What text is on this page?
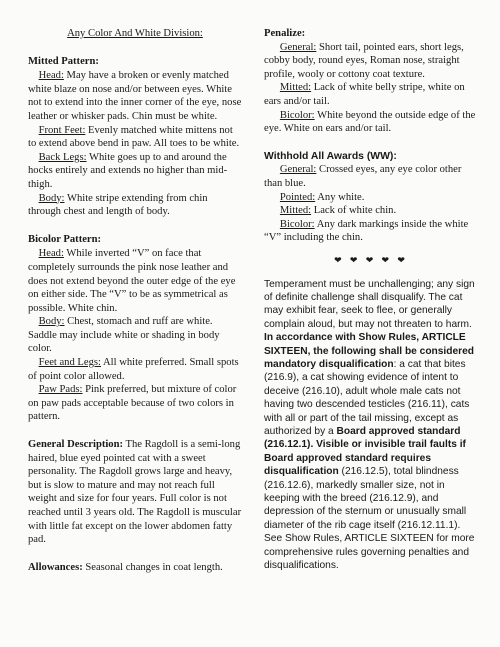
Any Color And White Division:

Mitted Pattern:

Head: May have a broken or evenly matched white blaze on nose and/or between eyes. White not to extend into the inner corner of the eye, nose leather or whisker pads. Chin must be white.

Front Feet: Evenly matched white mittens not to extend above bend in paw. All toes to be white.

Back Legs: White goes up to and around the hocks entirely and extends no higher than mid-thigh.

Body: White stripe extending from chin through chest and length of body.

Bicolor Pattern:

Head: While inverted “V” on face that completely surrounds the pink nose leather and does not extend beyond the outer edge of the eye on either side. The “V” to be as symmetrical as possible. White chin.

Body: Chest, stomach and ruff are white. Saddle may include white or shading in body color.

Feet and Legs: All white preferred. Small spots of point color allowed.

Paw Pads: Pink preferred, but mixture of color on paw pads acceptable because of two colors in pattern.

General Description: The Ragdoll is a semi-long haired, blue eyed pointed cat with a sweet personality. The Ragdoll grows large and heavy, but is slow to mature and may not reach full weight and size for four years. Full color is not reached until 3 years old. The Ragdoll is muscular with little fat except on the lower abdomen fatty pad.

Allowances: Seasonal changes in coat length.

Penalize:

General: Short tail, pointed ears, short legs, cobby body, round eyes, Roman nose, straight profile, wooly or cottony coat texture.

Mitted: Lack of white belly stripe, white on ears and/or tail.

Bicolor: White beyond the outside edge of the eye. White on ears and/or tail.

Withhold All Awards (WW):

General: Crossed eyes, any eye color other than blue.

Pointed: Any white.

Mitted: Lack of white chin.

Bicolor: Any dark markings inside the white “V” including the chin.

❤ ❤ ❤ ❤ ❤

Temperament must be unchallenging; any sign of definite challenge shall disqualify. The cat may exhibit fear, seek to flee, or generally complain aloud, but may not threaten to harm. In accordance with Show Rules, ARTICLE SIXTEEN, the following shall be considered mandatory disqualification: a cat that bites (216.9), a cat showing evidence of intent to deceive (216.10), adult whole male cats not having two descended testicles (216.11), cats with all or part of the tail missing, except as authorized by a Board approved standard (216.12.1). Visible or invisible trail faults if Board approved standard requires disqualification (216.12.5), total blindness (216.12.6), markedly smaller size, not in keeping with the breed (216.12.9), and depression of the sternum or unusually small diameter of the rib cage itself (216.12.11.1). See Show Rules, ARTICLE SIXTEEN for more comprehensive rules governing penalties and disqualifications.
